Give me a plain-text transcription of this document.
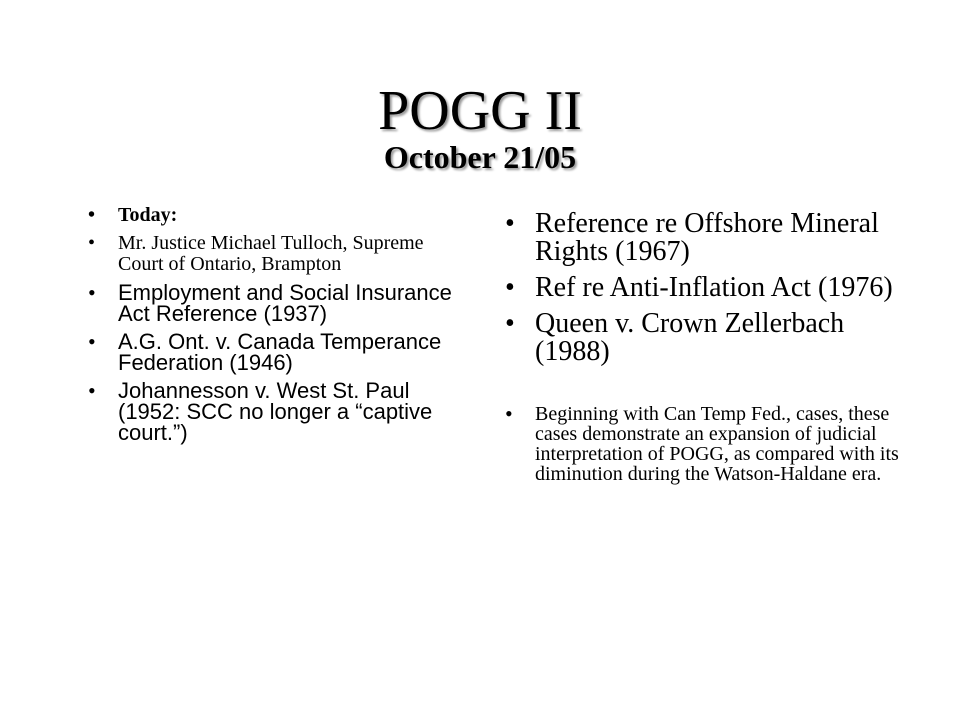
POGG II
October 21/05
• Today:
• Mr. Justice Michael Tulloch, Supreme Court of Ontario, Brampton
• Employment and Social Insurance Act Reference (1937)
• A.G. Ont. v. Canada Temperance Federation (1946)
• Johannesson v. West St. Paul (1952: SCC no longer a “captive court.”)
• Reference re Offshore Mineral Rights (1967)
• Ref re Anti-Inflation Act (1976)
• Queen v. Crown Zellerbach (1988)
• Beginning with Can Temp Fed., cases, these cases demonstrate an expansion of judicial interpretation of POGG, as compared with its diminution during the Watson-Haldane era.
